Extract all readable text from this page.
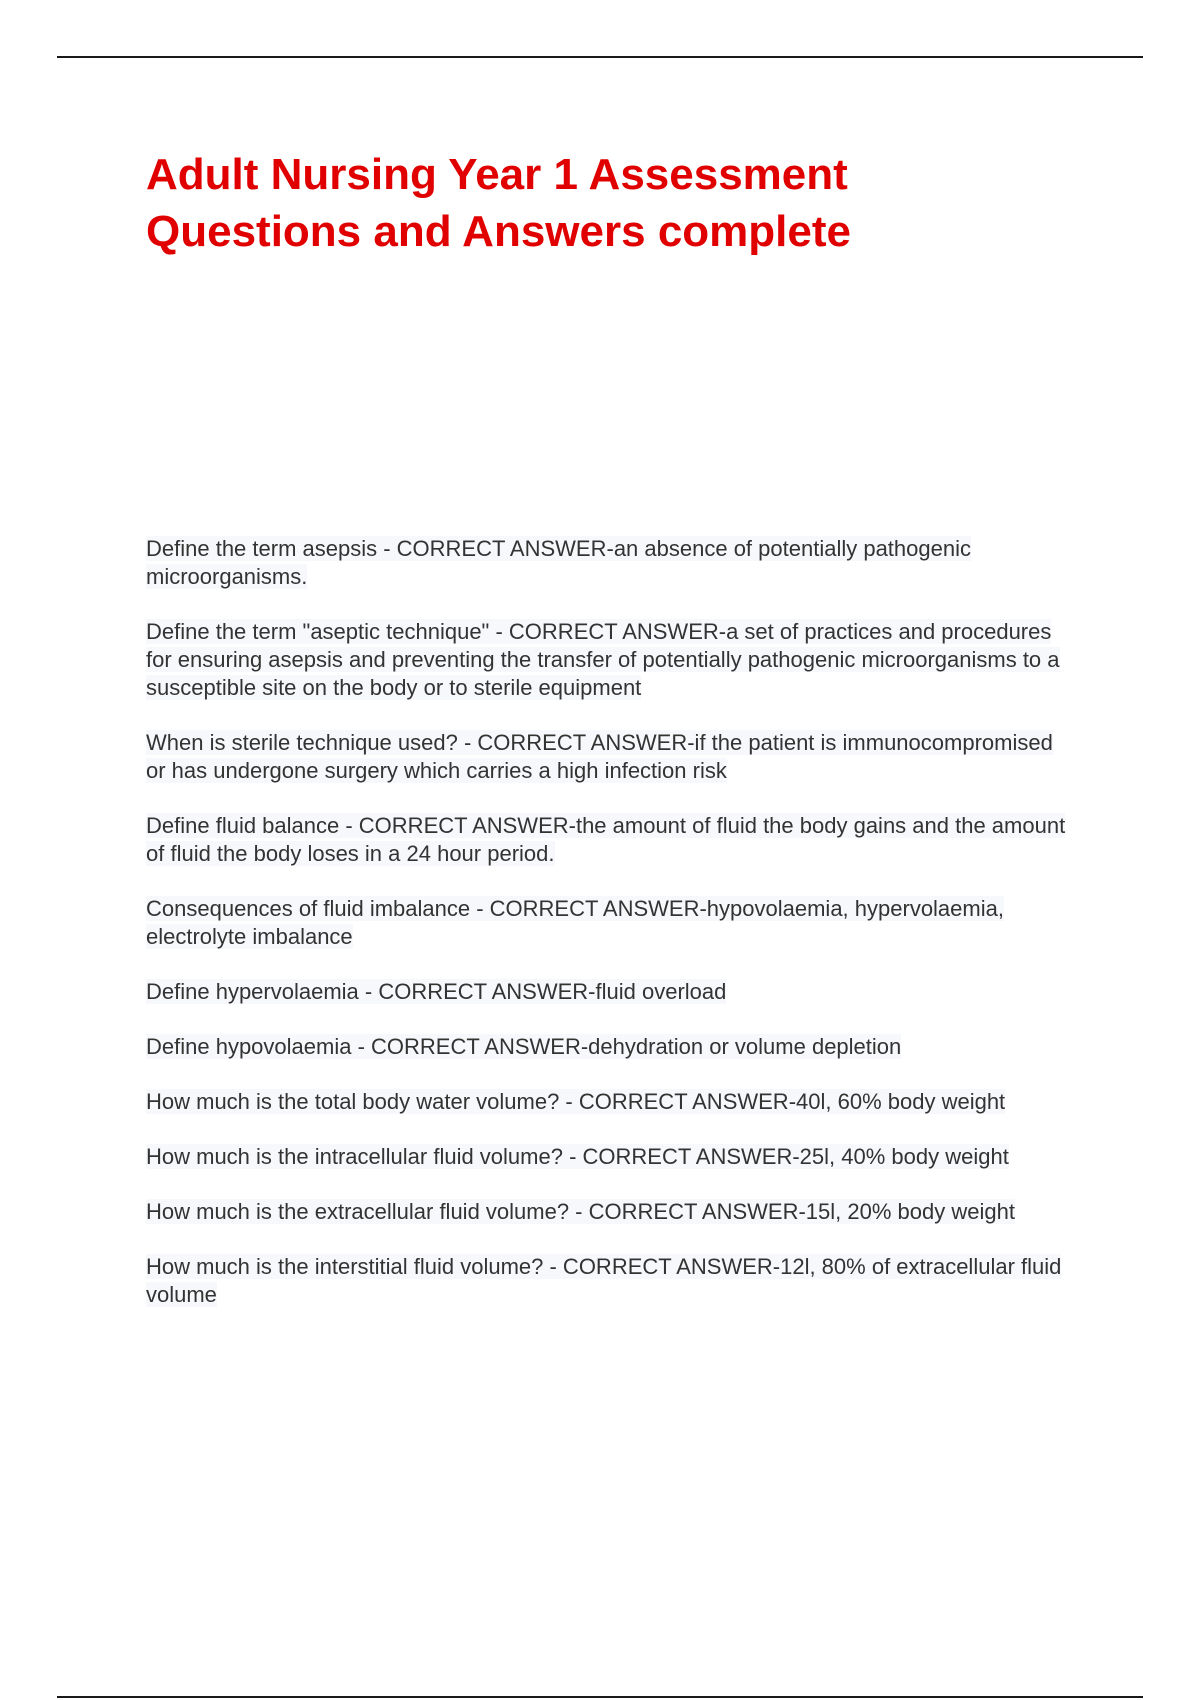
Adult Nursing Year 1 Assessment Questions and Answers complete
Define the term asepsis - CORRECT ANSWER-an absence of potentially pathogenic microorganisms.
Define the term "aseptic technique" - CORRECT ANSWER-a set of practices and procedures for ensuring asepsis and preventing the transfer of potentially pathogenic microorganisms to a susceptible site on the body or to sterile equipment
When is sterile technique used? - CORRECT ANSWER-if the patient is immunocompromised or has undergone surgery which carries a high infection risk
Define fluid balance - CORRECT ANSWER-the amount of fluid the body gains and the amount of fluid the body loses in a 24 hour period.
Consequences of fluid imbalance - CORRECT ANSWER-hypovolaemia, hypervolaemia, electrolyte imbalance
Define hypervolaemia - CORRECT ANSWER-fluid overload
Define hypovolaemia - CORRECT ANSWER-dehydration or volume depletion
How much is the total body water volume? - CORRECT ANSWER-40l, 60% body weight
How much is the intracellular fluid volume? - CORRECT ANSWER-25l, 40% body weight
How much is the extracellular fluid volume? - CORRECT ANSWER-15l, 20% body weight
How much is the interstitial fluid volume? - CORRECT ANSWER-12l, 80% of extracellular fluid volume
